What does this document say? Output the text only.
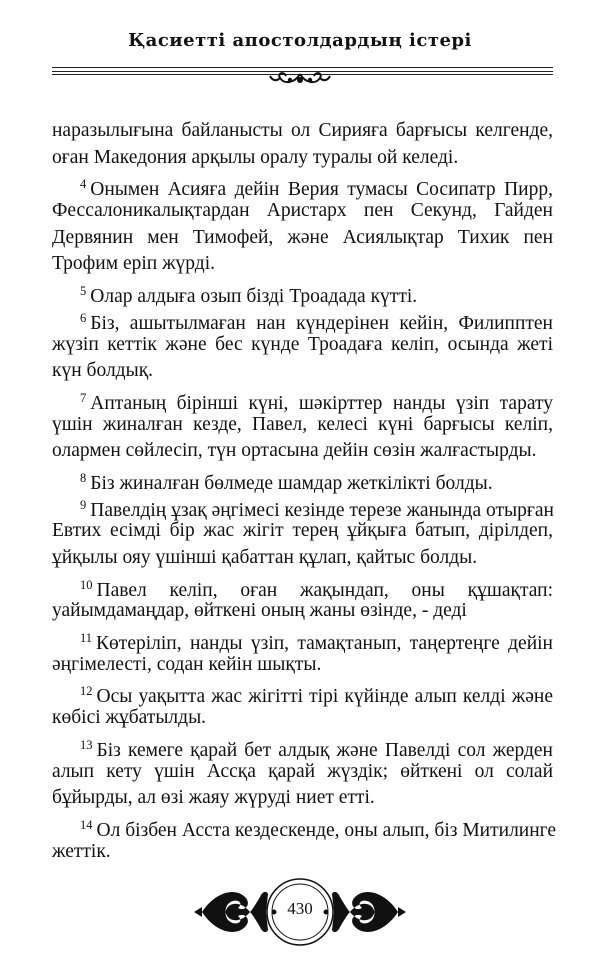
Қасиетті апостолдардың істері
наразылығына байланысты ол Сирияға барғысы келгенде,
оған Македония арқылы оралу туралы ой келеді.
$^4$ Онымен Асияға дейін Верия тумасы Сосипатр Пирр,
Фессалоникалықтардан Аристарх пен Секунд, Гайден
Дервянин мен Тимофей, және Асиялықтар Тихик пен
Трофим еріп жүрді.
$^5$ Олар алдыға озып бізді Троадада күтті.
$^6$ Біз, ашытылмаған нан күндерінен кейін, Филипптен
жүзіп кеттік және бес күнде Троадаға келіп, осында жеті
күн болдық.
$^7$ Аптаның бірінші күні, шәкірттер нанды үзіп тарату
үшін жиналған кезде, Павел, келесі күні барғысы келіп,
олармен сөйлесіп, түн ортасына дейін сөзін жалғастырды.
$^8$ Біз жиналған бөлмеде шамдар жеткілікті болды.
$^9$ Павелдің ұзақ әңгімесі кезінде терезе жанында отырған
Евтих есімді бір жас жігіт терең ұйқыға батып, дірілдеп,
ұйқылы ояу үшінші қабаттан құлап, қайтыс болды.
$^{10}$ Павел келіп, оған жақындап, оны құшақтап:
уайымдамаңдар, өйткені оның жаны өзінде, - деді
$^{11}$ Көтеріліп, нанды үзіп, тамақтанып, таңертеңге дейін
әңгімелесті, содан кейін шықты.
$^{12}$ Осы уақытта жас жігітті тірі күйінде алып келді және
көбісі жұбатылды.
$^{13}$ Біз кемеге қарай бет алдық және Павелді сол жерден
алып кету үшін Ассқа қарай жүздік; өйткені ол солай
бұйырды, ал өзі жаяу жүруді ниет етті.
$^{14}$ Ол бізбен Асста кездескенде, оны алып, біз Митилинге
жеттік.
430
